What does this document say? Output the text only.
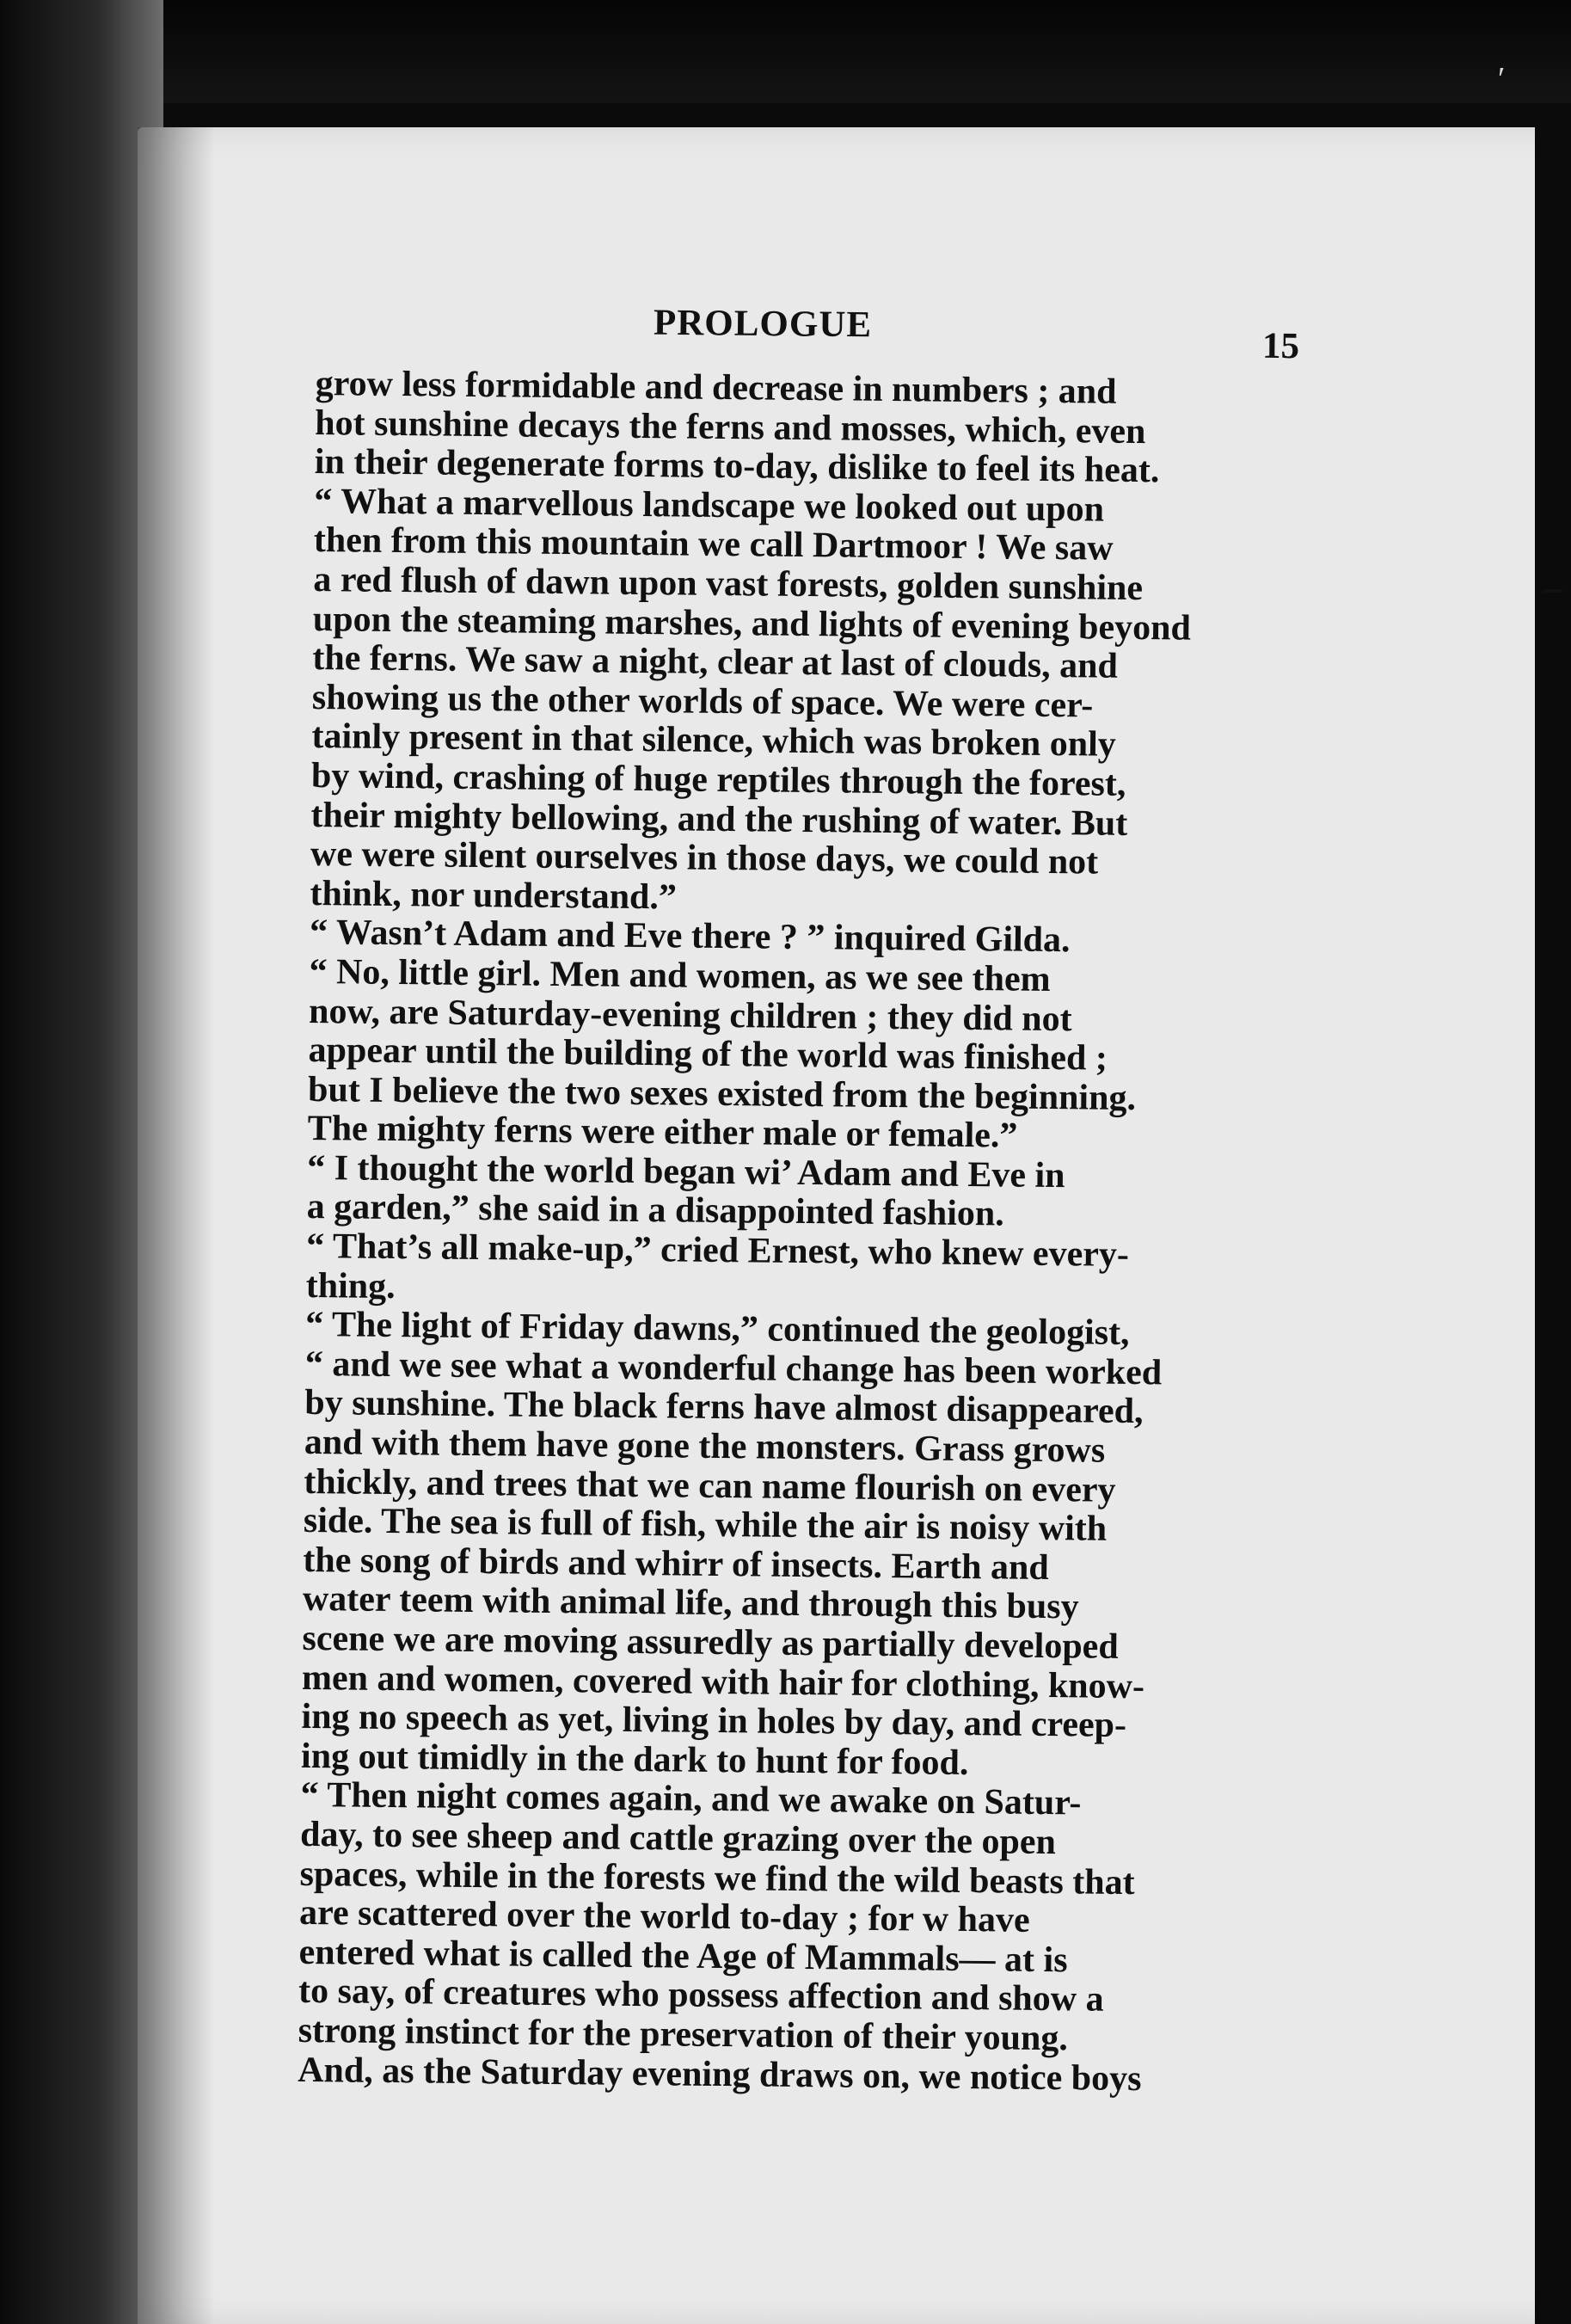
′
PROLOGUE
15
grow less formidable and decrease in numbers ; and
hot sunshine decays the ferns and mosses, which, even
in their degenerate forms to-day, dislike to feel its heat.
“ What a marvellous landscape we looked out upon
then from this mountain we call Dartmoor ! We saw
a red flush of dawn upon vast forests, golden sunshine
upon the steaming marshes, and lights of evening beyond
the ferns. We saw a night, clear at last of clouds, and
showing us the other worlds of space. We were cer-
tainly present in that silence, which was broken only
by wind, crashing of huge reptiles through the forest,
their mighty bellowing, and the rushing of water. But
we were silent ourselves in those days, we could not
think, nor understand.”
“ Wasn’t Adam and Eve there ? ” inquired Gilda.
“ No, little girl. Men and women, as we see them
now, are Saturday-evening children ; they did not
appear until the building of the world was finished ;
but I believe the two sexes existed from the beginning.
The mighty ferns were either male or female.”
“ I thought the world began wi’ Adam and Eve in
a garden,” she said in a disappointed fashion.
“ That’s all make-up,” cried Ernest, who knew every-
thing.
“ The light of Friday dawns,” continued the geologist,
“ and we see what a wonderful change has been worked
by sunshine. The black ferns have almost disappeared,
and with them have gone the monsters. Grass grows
thickly, and trees that we can name flourish on every
side. The sea is full of fish, while the air is noisy with
the song of birds and whirr of insects. Earth and
water teem with animal life, and through this busy
scene we are moving assuredly as partially developed
men and women, covered with hair for clothing, know-
ing no speech as yet, living in holes by day, and creep-
ing out timidly in the dark to hunt for food.
“ Then night comes again, and we awake on Satur-
day, to see sheep and cattle grazing over the open
spaces, while in the forests we find the wild beasts that
are scattered over the world to-day ; for w have
entered what is called the Age of Mammals— at is
to say, of creatures who possess affection and show a
strong instinct for the preservation of their young.
And, as the Saturday evening draws on, we notice boys
